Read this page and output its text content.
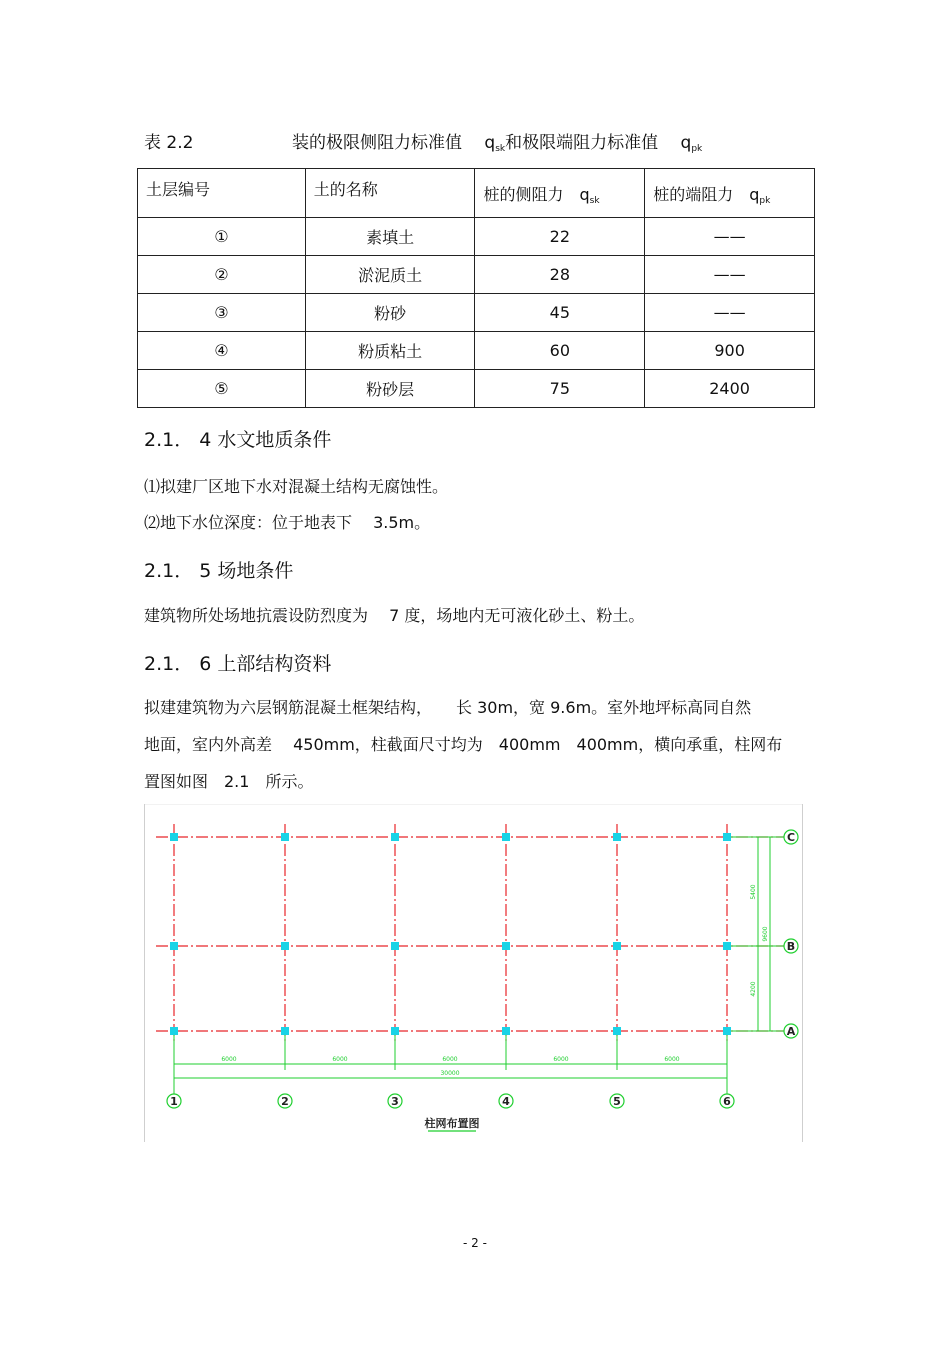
表 2.2	装的极限侧阻力标准值　 $q_{sk}$和极限端阻力标准值　 $q_{pk}$
土层编号	土的名称	桩的侧阻力　 $q_{sk}$	桩的端阻力　 $q_{pk}$

①	素填土	22	——
②	淤泥质土	28	——
③	粉砂	45	——
④	粉质粘土	60	900
⑤	粉砂层	75	2400
2.1． 4 水文地质条件
⑴拟建厂区地下水对混凝土结构无腐蚀性。
⑵地下水位深度：位于地表下　 3.5m。
2.1． 5 场地条件
建筑物所处场地抗震设防烈度为　 7 度，场地内无可液化砂土、粉土。
2.1． 6 上部结构资料
拟建建筑物为六层钢筋混凝土框架结构，　　长 30m，宽 9.6m。室外地坪标高同自然
地面，室内外高差　 450mm，柱截面尺寸均为　400mm　400mm，横向承重，柱网布
置图如图　2.1　所示。
6000	6000	6000	6000	6000
30000
5400
4200
9600
1	2	3	4	5	6
C
B
A
柱网布置图
- 2 -
